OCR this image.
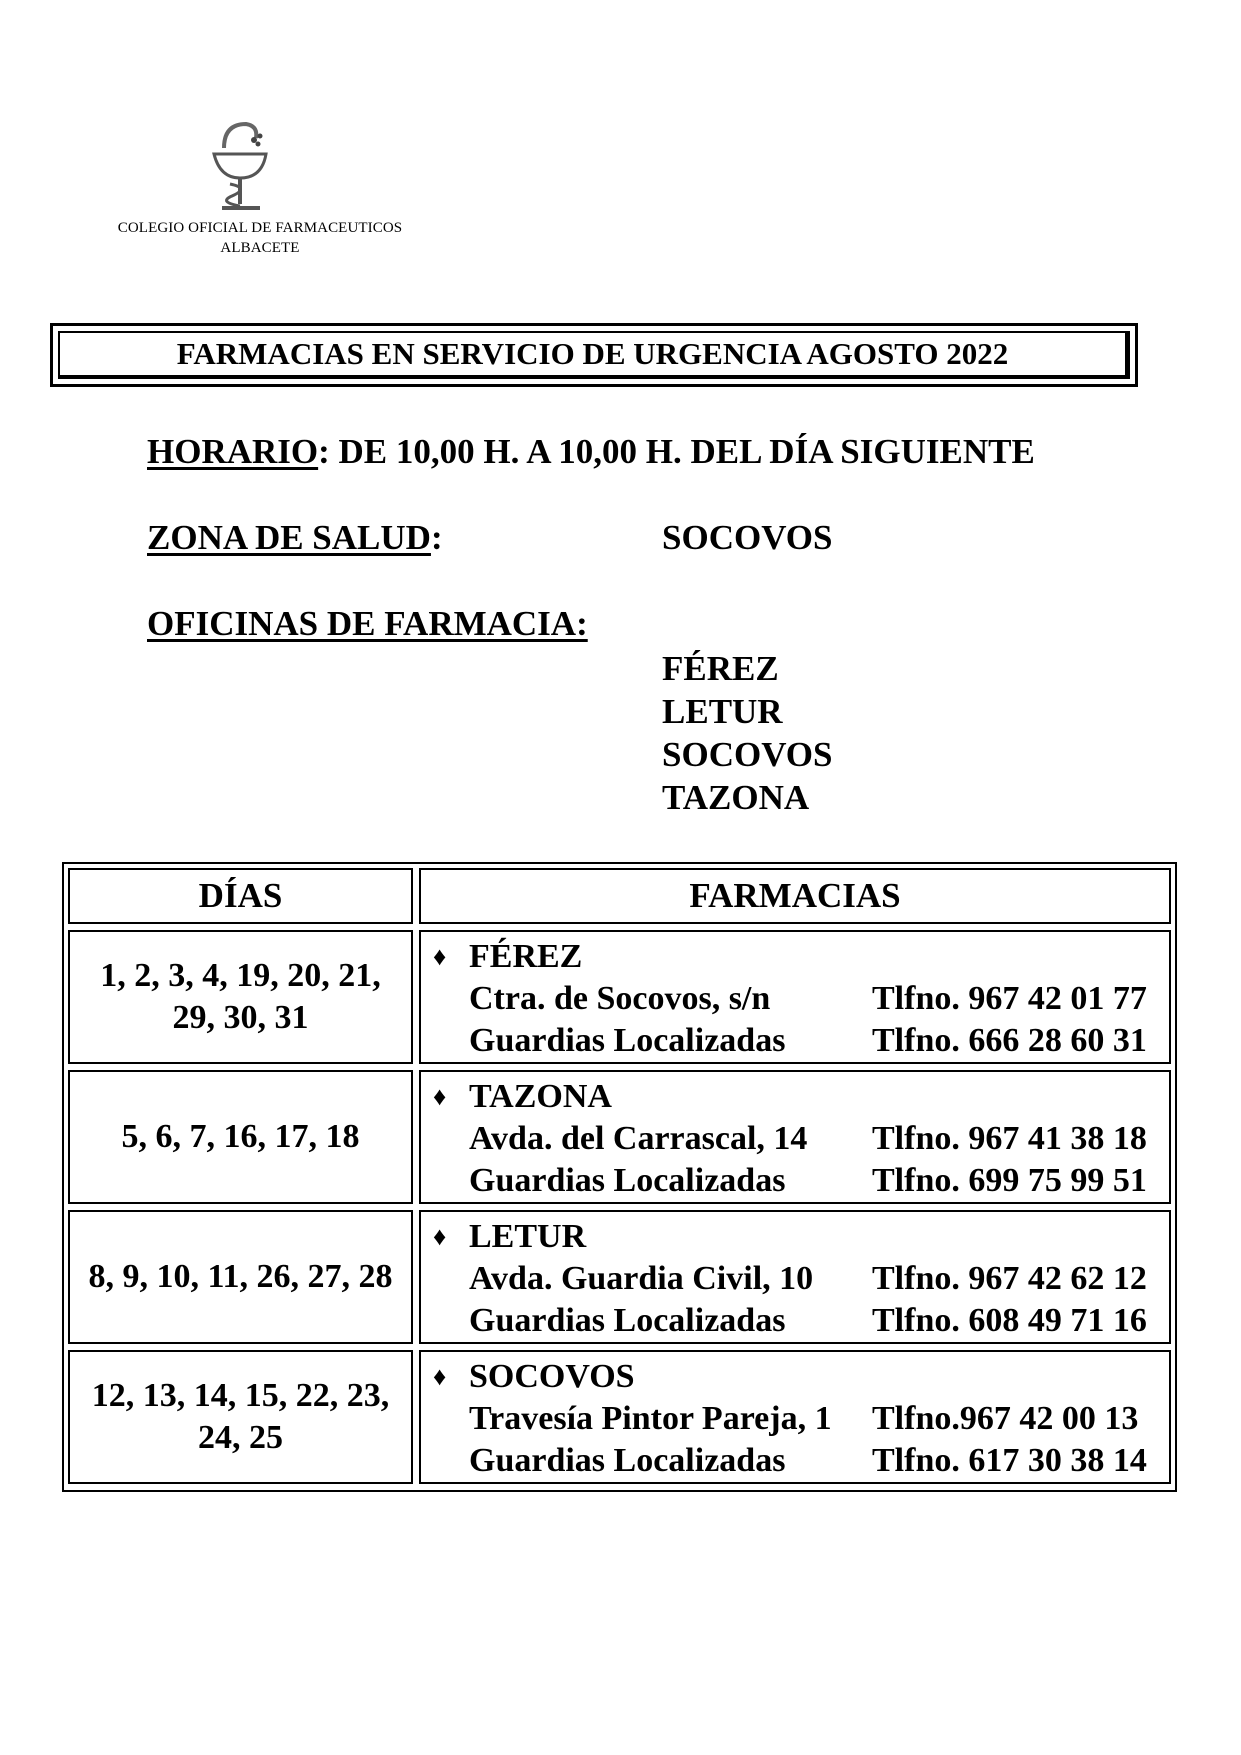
COLEGIO OFICIAL DE FARMACEUTICOS
ALBACETE
FARMACIAS EN SERVICIO DE URGENCIA AGOSTO 2022
HORARIO: DE 10,00 H. A 10,00 H. DEL DÍA SIGUIENTE
ZONA DE SALUD:	SOCOVOS
OFICINAS DE FARMACIA:
FÉREZ
LETUR
SOCOVOS
TAZONA
DÍAS	FARMACIAS
1, 2, 3, 4, 19, 20, 21, 29, 30, 31
♦ FÉREZ
Ctra. de Socovos, s/n	Tlfno. 967 42 01 77
Guardias Localizadas	Tlfno. 666 28 60 31
5, 6, 7, 16, 17, 18
♦ TAZONA
Avda. del Carrascal, 14	Tlfno. 967 41 38 18
Guardias Localizadas	Tlfno. 699 75 99 51
8, 9, 10, 11, 26, 27, 28
♦ LETUR
Avda. Guardia Civil, 10	Tlfno. 967 42 62 12
Guardias Localizadas	Tlfno. 608 49 71 16
12, 13, 14, 15, 22, 23, 24, 25
♦ SOCOVOS
Travesía Pintor Pareja, 1	Tlfno.967 42 00 13
Guardias Localizadas	Tlfno. 617 30 38 14
